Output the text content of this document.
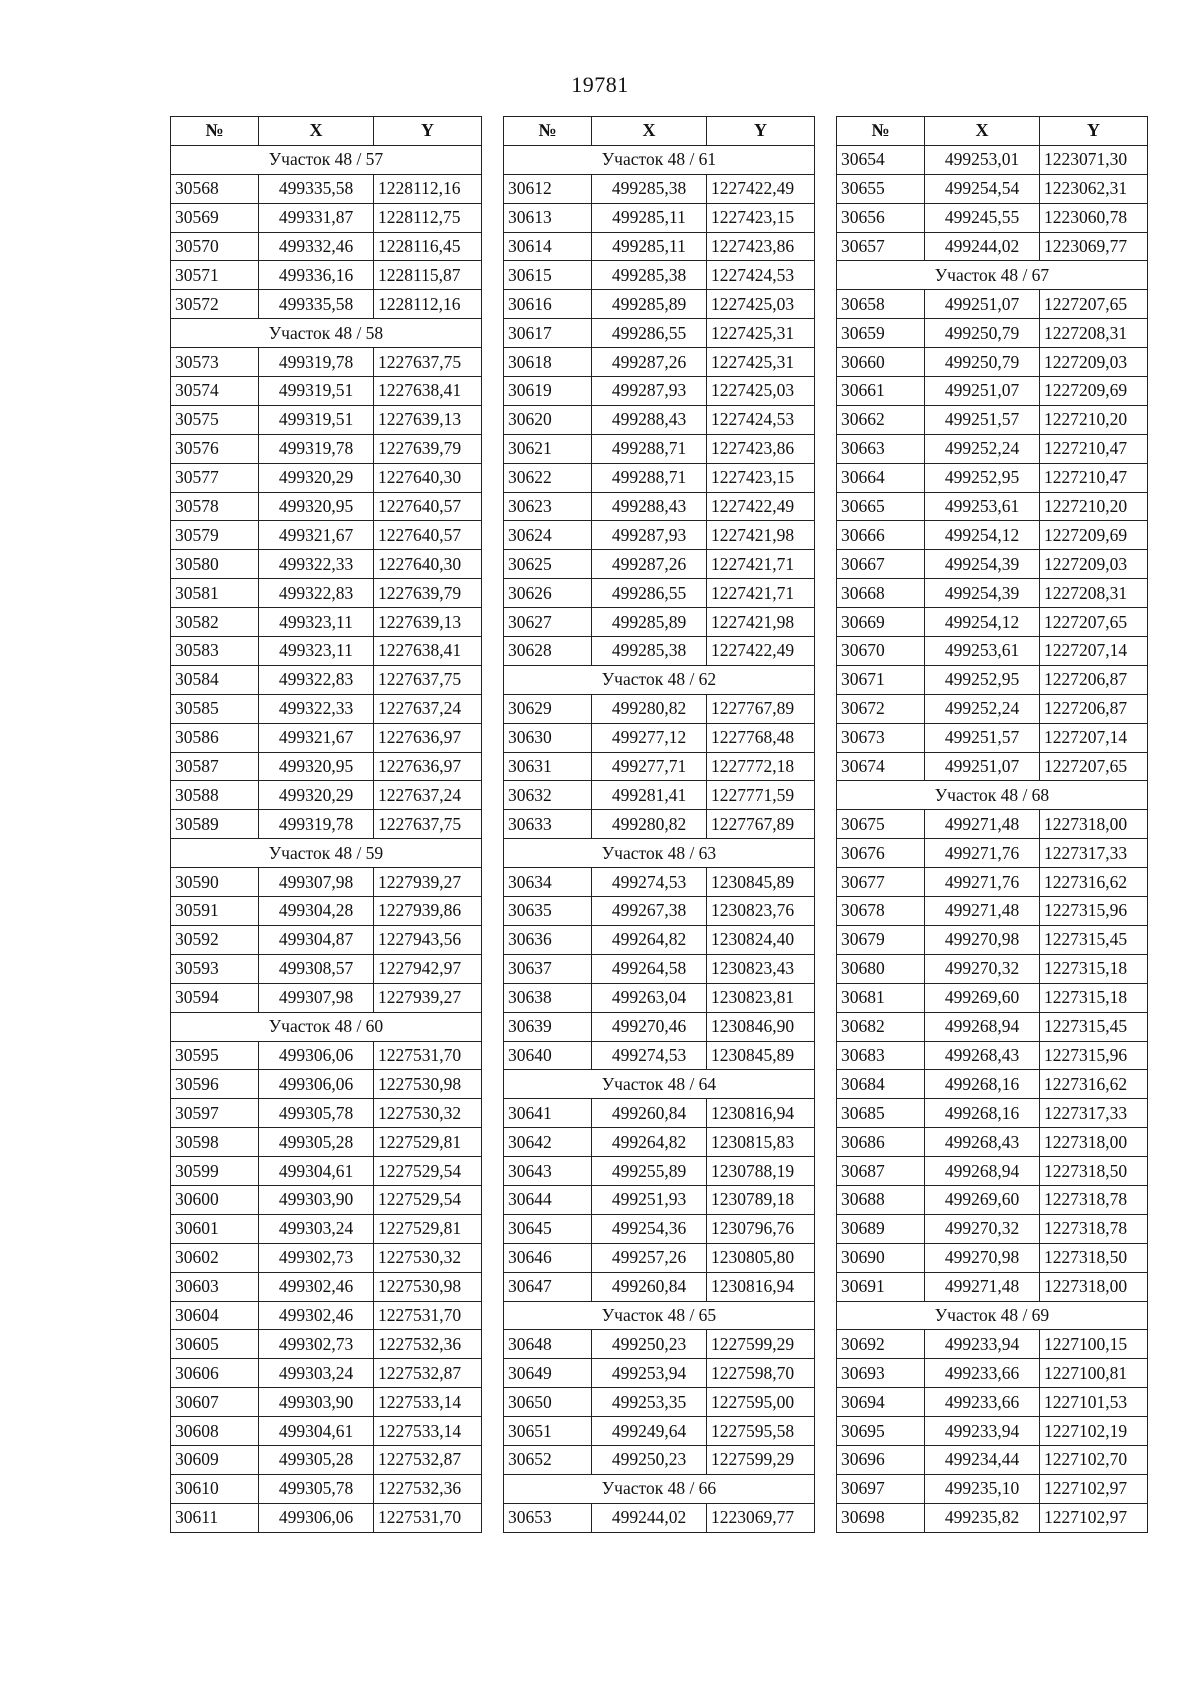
19781
№	X	Y
Участок 48 / 57		
30568	499335,58	1228112,16
30569	499331,87	1228112,75
30570	499332,46	1228116,45
30571	499336,16	1228115,87
30572	499335,58	1228112,16
Участок 48 / 58		
30573	499319,78	1227637,75
30574	499319,51	1227638,41
30575	499319,51	1227639,13
30576	499319,78	1227639,79
30577	499320,29	1227640,30
30578	499320,95	1227640,57
30579	499321,67	1227640,57
30580	499322,33	1227640,30
30581	499322,83	1227639,79
30582	499323,11	1227639,13
30583	499323,11	1227638,41
30584	499322,83	1227637,75
30585	499322,33	1227637,24
30586	499321,67	1227636,97
30587	499320,95	1227636,97
30588	499320,29	1227637,24
30589	499319,78	1227637,75
Участок 48 / 59		
30590	499307,98	1227939,27
30591	499304,28	1227939,86
30592	499304,87	1227943,56
30593	499308,57	1227942,97
30594	499307,98	1227939,27
Участок 48 / 60		
30595	499306,06	1227531,70
30596	499306,06	1227530,98
30597	499305,78	1227530,32
30598	499305,28	1227529,81
30599	499304,61	1227529,54
30600	499303,90	1227529,54
30601	499303,24	1227529,81
30602	499302,73	1227530,32
30603	499302,46	1227530,98
30604	499302,46	1227531,70
30605	499302,73	1227532,36
30606	499303,24	1227532,87
30607	499303,90	1227533,14
30608	499304,61	1227533,14
30609	499305,28	1227532,87
30610	499305,78	1227532,36
30611	499306,06	1227531,70
№	X	Y
Участок 48 / 61		
30612	499285,38	1227422,49
30613	499285,11	1227423,15
30614	499285,11	1227423,86
30615	499285,38	1227424,53
30616	499285,89	1227425,03
30617	499286,55	1227425,31
30618	499287,26	1227425,31
30619	499287,93	1227425,03
30620	499288,43	1227424,53
30621	499288,71	1227423,86
30622	499288,71	1227423,15
30623	499288,43	1227422,49
30624	499287,93	1227421,98
30625	499287,26	1227421,71
30626	499286,55	1227421,71
30627	499285,89	1227421,98
30628	499285,38	1227422,49
Участок 48 / 62		
30629	499280,82	1227767,89
30630	499277,12	1227768,48
30631	499277,71	1227772,18
30632	499281,41	1227771,59
30633	499280,82	1227767,89
Участок 48 / 63		
30634	499274,53	1230845,89
30635	499267,38	1230823,76
30636	499264,82	1230824,40
30637	499264,58	1230823,43
30638	499263,04	1230823,81
30639	499270,46	1230846,90
30640	499274,53	1230845,89
Участок 48 / 64		
30641	499260,84	1230816,94
30642	499264,82	1230815,83
30643	499255,89	1230788,19
30644	499251,93	1230789,18
30645	499254,36	1230796,76
30646	499257,26	1230805,80
30647	499260,84	1230816,94
Участок 48 / 65		
30648	499250,23	1227599,29
30649	499253,94	1227598,70
30650	499253,35	1227595,00
30651	499249,64	1227595,58
30652	499250,23	1227599,29
Участок 48 / 66		
30653	499244,02	1223069,77
№	X	Y
30654	499253,01	1223071,30
30655	499254,54	1223062,31
30656	499245,55	1223060,78
30657	499244,02	1223069,77
Участок 48 / 67		
30658	499251,07	1227207,65
30659	499250,79	1227208,31
30660	499250,79	1227209,03
30661	499251,07	1227209,69
30662	499251,57	1227210,20
30663	499252,24	1227210,47
30664	499252,95	1227210,47
30665	499253,61	1227210,20
30666	499254,12	1227209,69
30667	499254,39	1227209,03
30668	499254,39	1227208,31
30669	499254,12	1227207,65
30670	499253,61	1227207,14
30671	499252,95	1227206,87
30672	499252,24	1227206,87
30673	499251,57	1227207,14
30674	499251,07	1227207,65
Участок 48 / 68		
30675	499271,48	1227318,00
30676	499271,76	1227317,33
30677	499271,76	1227316,62
30678	499271,48	1227315,96
30679	499270,98	1227315,45
30680	499270,32	1227315,18
30681	499269,60	1227315,18
30682	499268,94	1227315,45
30683	499268,43	1227315,96
30684	499268,16	1227316,62
30685	499268,16	1227317,33
30686	499268,43	1227318,00
30687	499268,94	1227318,50
30688	499269,60	1227318,78
30689	499270,32	1227318,78
30690	499270,98	1227318,50
30691	499271,48	1227318,00
Участок 48 / 69		
30692	499233,94	1227100,15
30693	499233,66	1227100,81
30694	499233,66	1227101,53
30695	499233,94	1227102,19
30696	499234,44	1227102,70
30697	499235,10	1227102,97
30698	499235,82	1227102,97
